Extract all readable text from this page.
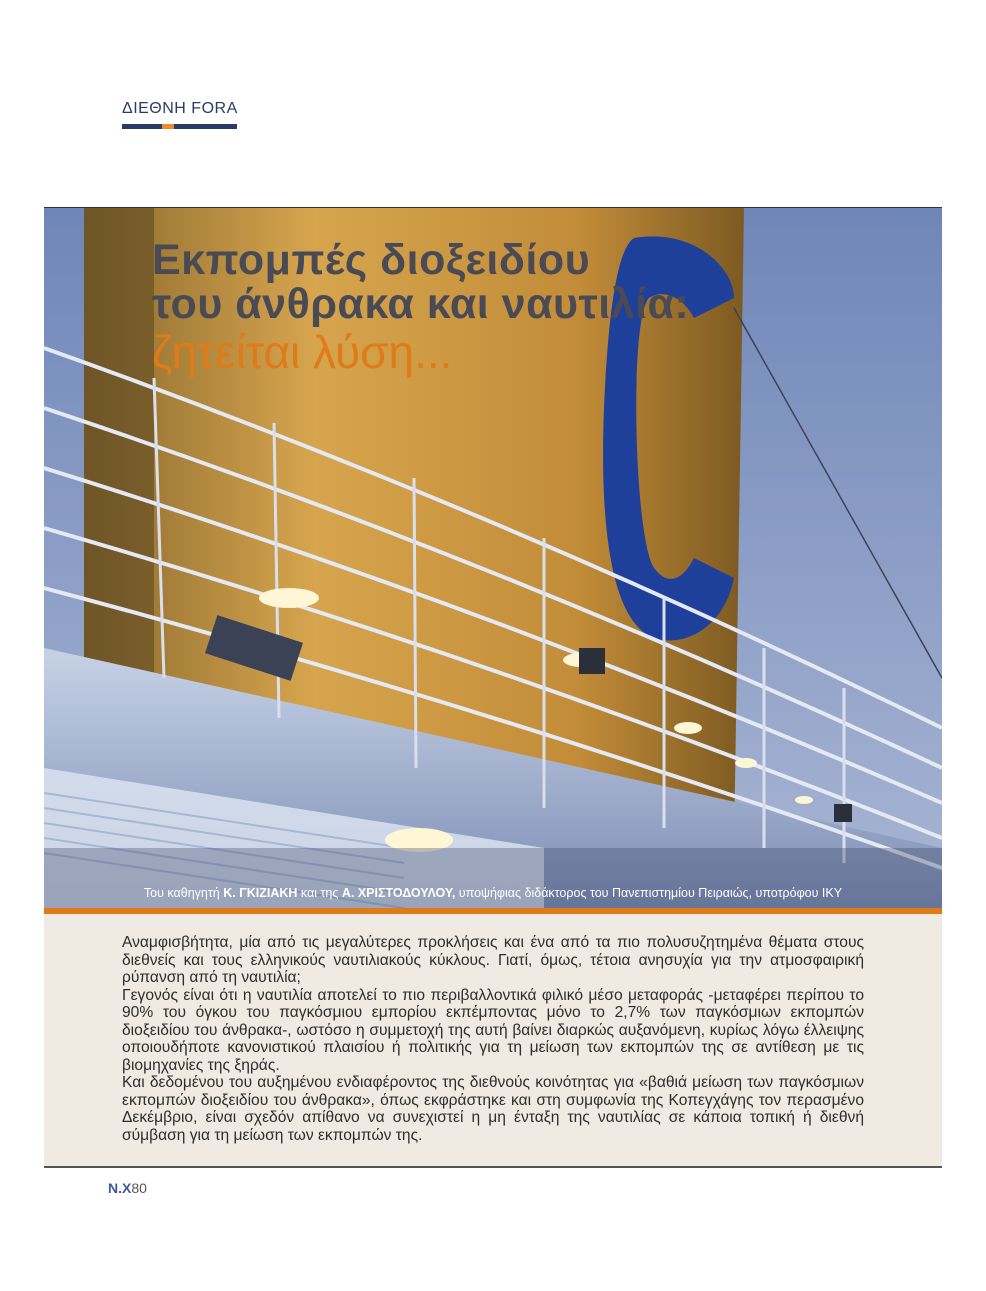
ΔΙΕΘΝΗ FORA
Εκπομπές διοξειδίου
του άνθρακα και ναυτιλία:
ζητείται λύση...
Του καθηγητή Κ. ΓΚΙΖΙΑΚΗ και της Α. ΧΡΙΣΤΟΔΟΥΛΟΥ, υποψήφιας διδάκτορος του Πανεπιστημίου Πειραιώς, υποτρόφου ΙΚΥ

Αναμφισβήτητα, μία από τις μεγαλύτερες προκλήσεις και ένα από τα πιο πολυσυζητημένα θέματα στους διεθνείς και τους ελληνικούς ναυτιλιακούς κύκλους. Γιατί, όμως, τέτοια ανησυχία για την ατμοσφαιρική ρύπανση από τη ναυτιλία;

Γεγονός είναι ότι η ναυτιλία αποτελεί το πιο περιβαλλοντικά φιλικό μέσο μεταφοράς -μεταφέρει περίπου το 90% του όγκου του παγκόσμιου εμπορίου εκπέμποντας μόνο το 2,7% των παγκόσμιων εκπομπών διοξειδίου του άνθρακα-, ωστόσο η συμμετοχή της αυτή βαίνει διαρκώς αυξανόμενη, κυρίως λόγω έλλειψης οποιουδήποτε κανονιστικού πλαισίου ή πολιτικής για τη μείωση των εκπομπών της σε αντίθεση με τις βιομηχανίες της ξηράς.

Και δεδομένου του αυξημένου ενδιαφέροντος της διεθνούς κοινότητας για «βαθιά μείωση των παγκόσμιων εκπομπών διοξειδίου του άνθρακα», όπως εκφράστηκε και στη συμφωνία της Κοπεγχάγης τον περασμένο Δεκέμβριο, είναι σχεδόν απίθανο να συνεχιστεί η μη ένταξη της ναυτιλίας σε κάποια τοπική ή διεθνή σύμβαση για τη μείωση των εκπομπών της.

N.X80
